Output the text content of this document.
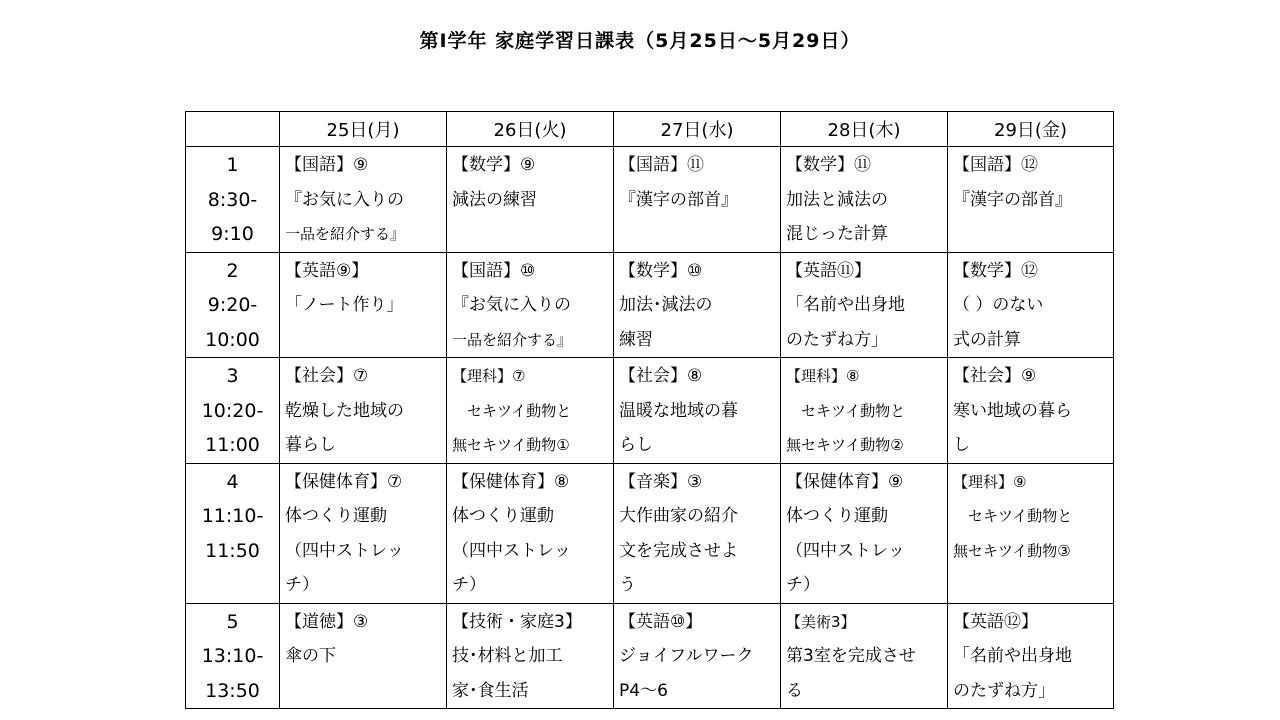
第Ⅰ学年 家庭学習日課表（5月25日～5月29日）
	25日(月)	26日(火)	27日(水)	28日(木)	29日(金)

1
8:30-
9:10	【国語】⑨
『お気に入りの
一品を紹介する』	【数学】⑨
減法の練習	【国語】⑪
『漢字の部首』	【数学】⑪
加法と減法の
混じった計算	【国語】⑫
『漢字の部首』

2
9:20-
10:00	【英語⑨】
「ノート作り」	【国語】⑩
『お気に入りの
一品を紹介する』	【数学】⑩
加法･減法の
練習	【英語⑪】
「名前や出身地
のたずね方」	【数学】⑫
（ ）のない
式の計算

3
10:20-
11:00	【社会】⑦
乾燥した地域の
暮らし	【理科】⑦
　セキツイ動物と
無セキツイ動物①	【社会】⑧
温暖な地域の暮
らし	【理科】⑧
　セキツイ動物と
無セキツイ動物②	【社会】⑨
寒い地域の暮ら
し

4
11:10-
11:50	【保健体育】⑦
体つくり運動
（四中ストレッ
チ）	【保健体育】⑧
体つくり運動
（四中ストレッ
チ）	【音楽】③
大作曲家の紹介
文を完成させよ
う	【保健体育】⑨
体つくり運動
（四中ストレッ
チ）	【理科】⑨
　セキツイ動物と
無セキツイ動物③

5
13:10-
13:50	【道徳】③
傘の下	【技術・家庭3】
技･材料と加工
家･食生活	【英語⑩】
ジョイフルワーク
P4～6	【美術3】
第3室を完成させ
る	【英語⑫】
「名前や出身地
のたずね方」
